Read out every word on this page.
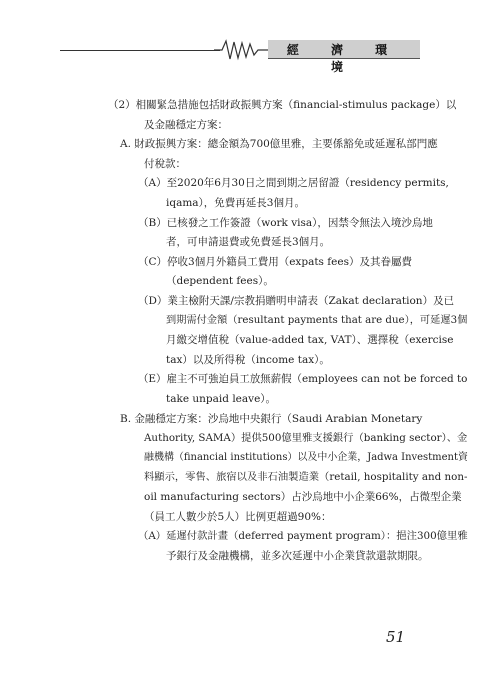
經 濟 環 境
（2）相關緊急措施包括財政振興方案（financial-stimulus package）以
及金融穩定方案：
A. 財政振興方案：總金額為700億里雅，主要係豁免或延遲私部門應
付稅款：
（A）至2020年6月30日之間到期之居留證（residency permits,
iqama），免費再延長3個月。
（B）已核發之工作簽證（work visa），因禁令無法入境沙烏地
者，可申請退費或免費延長3個月。
（C）停收3個月外籍員工費用（expats fees）及其眷屬費
（dependent fees）。
（D）業主檢附天課/宗教捐贈明申請表（Zakat declaration）及已
到期需付金額（resultant payments that are due），可延遲3個
月繳交增值稅（value-added tax, VAT）、選擇稅（exercise
tax）以及所得稅（income tax）。
（E）雇主不可強迫員工放無薪假（employees can not be forced to
take unpaid leave）。
B. 金融穩定方案：沙烏地中央銀行（Saudi Arabian Monetary
Authority, SAMA）提供500億里雅支援銀行（banking sector）、金
融機構（financial institutions）以及中小企業，Jadwa Investment資
料顯示，零售、旅宿以及非石油製造業（retail, hospitality and non-
oil manufacturing sectors）占沙烏地中小企業66%，占微型企業
（員工人數少於5人）比例更超過90%：
（A）延遲付款計畫（deferred payment program）：挹注300億里雅
予銀行及金融機構，並多次延遲中小企業貸款還款期限。
51
